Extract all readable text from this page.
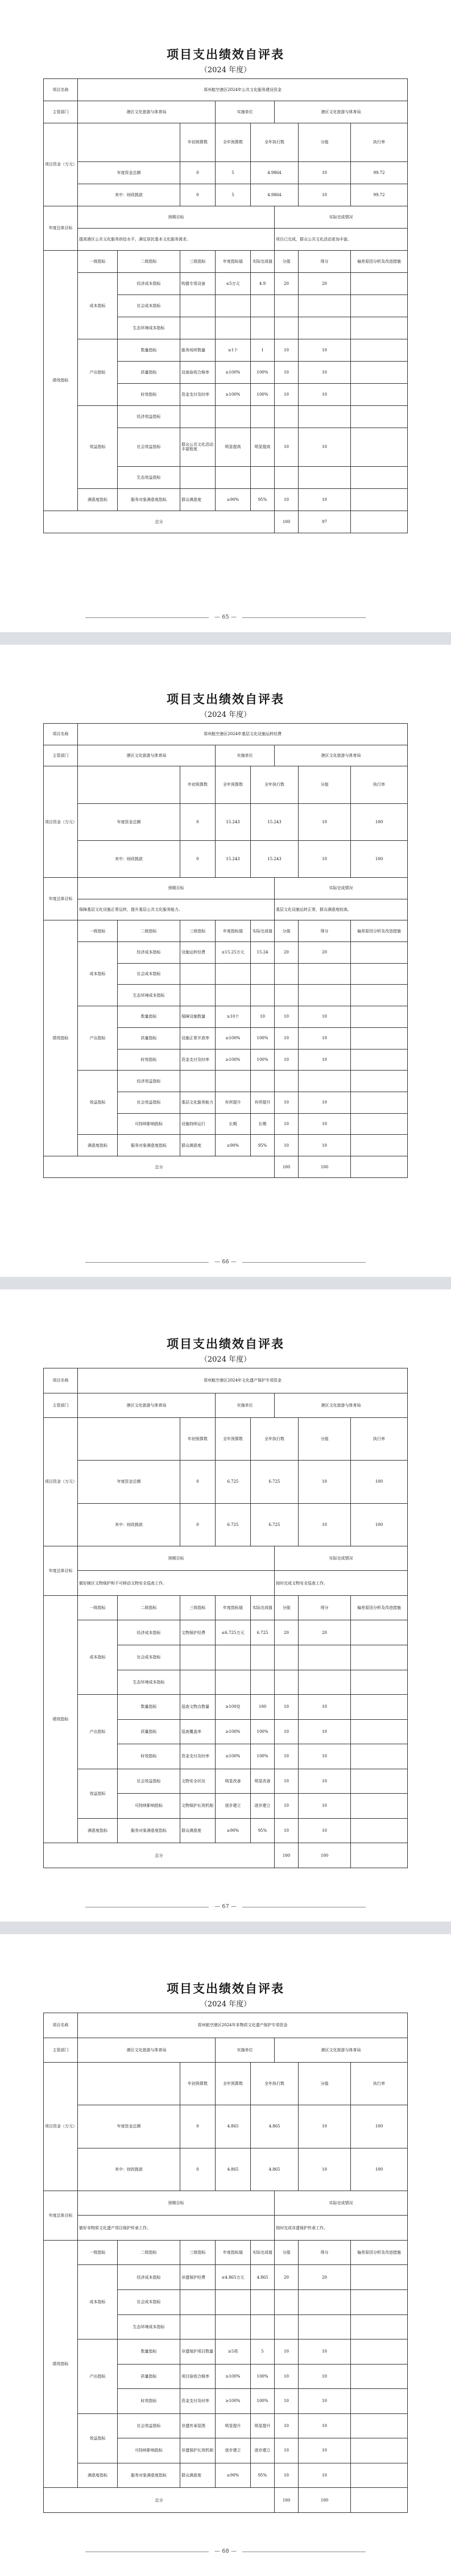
项目支出绩效自评表
（2024 年度）
项目名称	郑州航空港区2024年公共文化服务建设资金								
主管部门	港区文化旅游与体育局			实施单位		港区文化旅游与体育局			
项目资金（万元）			年初预算数	全年预算数	全年执行数		分值	执行率	
	年度资金总额		0	5	4.9864		10	99.72	
	其中：财政拨款		0	5	4.9864		10	99.72	
年度总体目标	预期目标					实际完成情况			
	提高港区公共文化服务供给水平，满足居民基本文化服务需求。					项目已完成，群众公共文化活动更加丰富。			
绩效指标	一级指标	二级指标	三级指标	年度指标值	实际完成值	分值	得分	偏差原因分析及改进措施	
	成本指标	经济成本指标	购置专用设备	≤5万元	4.9	20	20		
		社会成本指标							
		生态环境成本指标							
	产出指标	数量指标	服务场所数量	≥1个	1	10	10		
		质量指标	设备验收合格率	≥100%	100%	10	10		
		时效指标	资金支付及时率	≥100%	100%	10	10		
	效益指标	经济效益指标							
		社会效益指标	群众公共文化活动丰富程度	明显提高	明显提高	10	10		
		生态效益指标							
	满意度指标	服务对象满意度指标	群众满意度	≥90%	95%	10	10		
总分						100	97		
— 65 —
项目支出绩效自评表
（2024 年度）
项目名称	郑州航空港区2024年基层文化设施运转经费								
主管部门	港区文化旅游与体育局			实施单位		港区文化旅游与体育局			
项目资金（万元）			年初预算数	全年预算数	全年执行数		分值	执行率	
	年度资金总额		0	15.243	15.243		10	100	
	其中：财政拨款		0	15.243	15.243		10	100	
年度总体目标	预期目标					实际完成情况			
	保障基层文化设施正常运转，提升基层公共文化服务能力。					基层文化设施运转正常，群众满意度较高。			
绩效指标	一级指标	二级指标	三级指标	年度指标值	实际完成值	分值	得分	偏差原因分析及改进措施	
	成本指标	经济成本指标	设施运转经费	≤15.25万元	15.24	20	20		
		社会成本指标							
		生态环境成本指标							
	产出指标	数量指标	保障设施数量	≥10个	10	10	10		
		质量指标	设施正常开放率	≥100%	100%	10	10		
		时效指标	资金支付及时率	≥100%	100%	10	10		
	效益指标	经济效益指标							
		社会效益指标	基层文化服务能力	有所提升	有所提升	10	10		
		可持续影响指标	设施持续运行	长期	长期	10	10		
	满意度指标	服务对象满意度指标	群众满意度	≥90%	95%	10	10		
总分						100	100		
— 66 —
项目支出绩效自评表
（2024 年度）
项目名称	郑州航空港区2024年文化遗产保护专项资金								
主管部门	港区文化旅游与体育局			实施单位		港区文化旅游与体育局			
项目资金（万元）			年初预算数	全年预算数	全年执行数		分值	执行率	
	年度资金总额		0	6.725	6.725		10	100	
	其中：财政拨款		0	6.725	6.725		10	100	
年度总体目标	预期目标					实际完成情况			
	做好辖区文物保护和不可移动文物安全巡查工作。					按时完成文物安全巡查工作。			
绩效指标	一级指标	二级指标	三级指标	年度指标值	实际完成值	分值	得分	偏差原因分析及改进措施	
	成本指标	经济成本指标	文物保护经费	≤6.725万元	6.725	20	20		
		社会成本指标							
		生态环境成本指标							
	产出指标	数量指标	巡查文物点数量	≥100处	100	10	10		
		质量指标	巡查覆盖率	≥100%	100%	10	10		
		时效指标	资金支付及时率	≥100%	100%	10	10		
	效益指标	社会效益指标	文物安全状况	明显改善	明显改善	10	10		
		可持续影响指标	文物保护长效机制	逐步建立	逐步建立	10	10		
	满意度指标	服务对象满意度指标	群众满意度	≥90%	95%	10	10		
总分						100	100		
— 67 —
项目支出绩效自评表
（2024 年度）
项目名称	郑州航空港区2024年非物质文化遗产保护专项资金								
主管部门	港区文化旅游与体育局			实施单位		港区文化旅游与体育局			
项目资金（万元）			年初预算数	全年预算数	全年执行数		分值	执行率	
	年度资金总额		0	4.865	4.865		10	100	
	其中：财政拨款		0	4.865	4.865		10	100	
年度总体目标	预期目标					实际完成情况			
	做好非物质文化遗产项目保护传承工作。					按时完成非遗保护传承工作。			
绩效指标	一级指标	二级指标	三级指标	年度指标值	实际完成值	分值	得分	偏差原因分析及改进措施	
	成本指标	经济成本指标	非遗保护经费	≤4.865万元	4.865	20	20		
		社会成本指标							
		生态环境成本指标							
	产出指标	数量指标	非遗保护项目数量	≥5项	5	10	10		
		质量指标	项目验收合格率	≥100%	100%	10	10		
		时效指标	资金支付及时率	≥100%	100%	10	10		
	效益指标	社会效益指标	非遗传承氛围	明显提升	明显提升	10	10		
		可持续影响指标	非遗保护长效机制	逐步建立	逐步建立	10	10		
	满意度指标	服务对象满意度指标	群众满意度	≥90%	95%	10	10		
总分						100	100		
— 68 —
